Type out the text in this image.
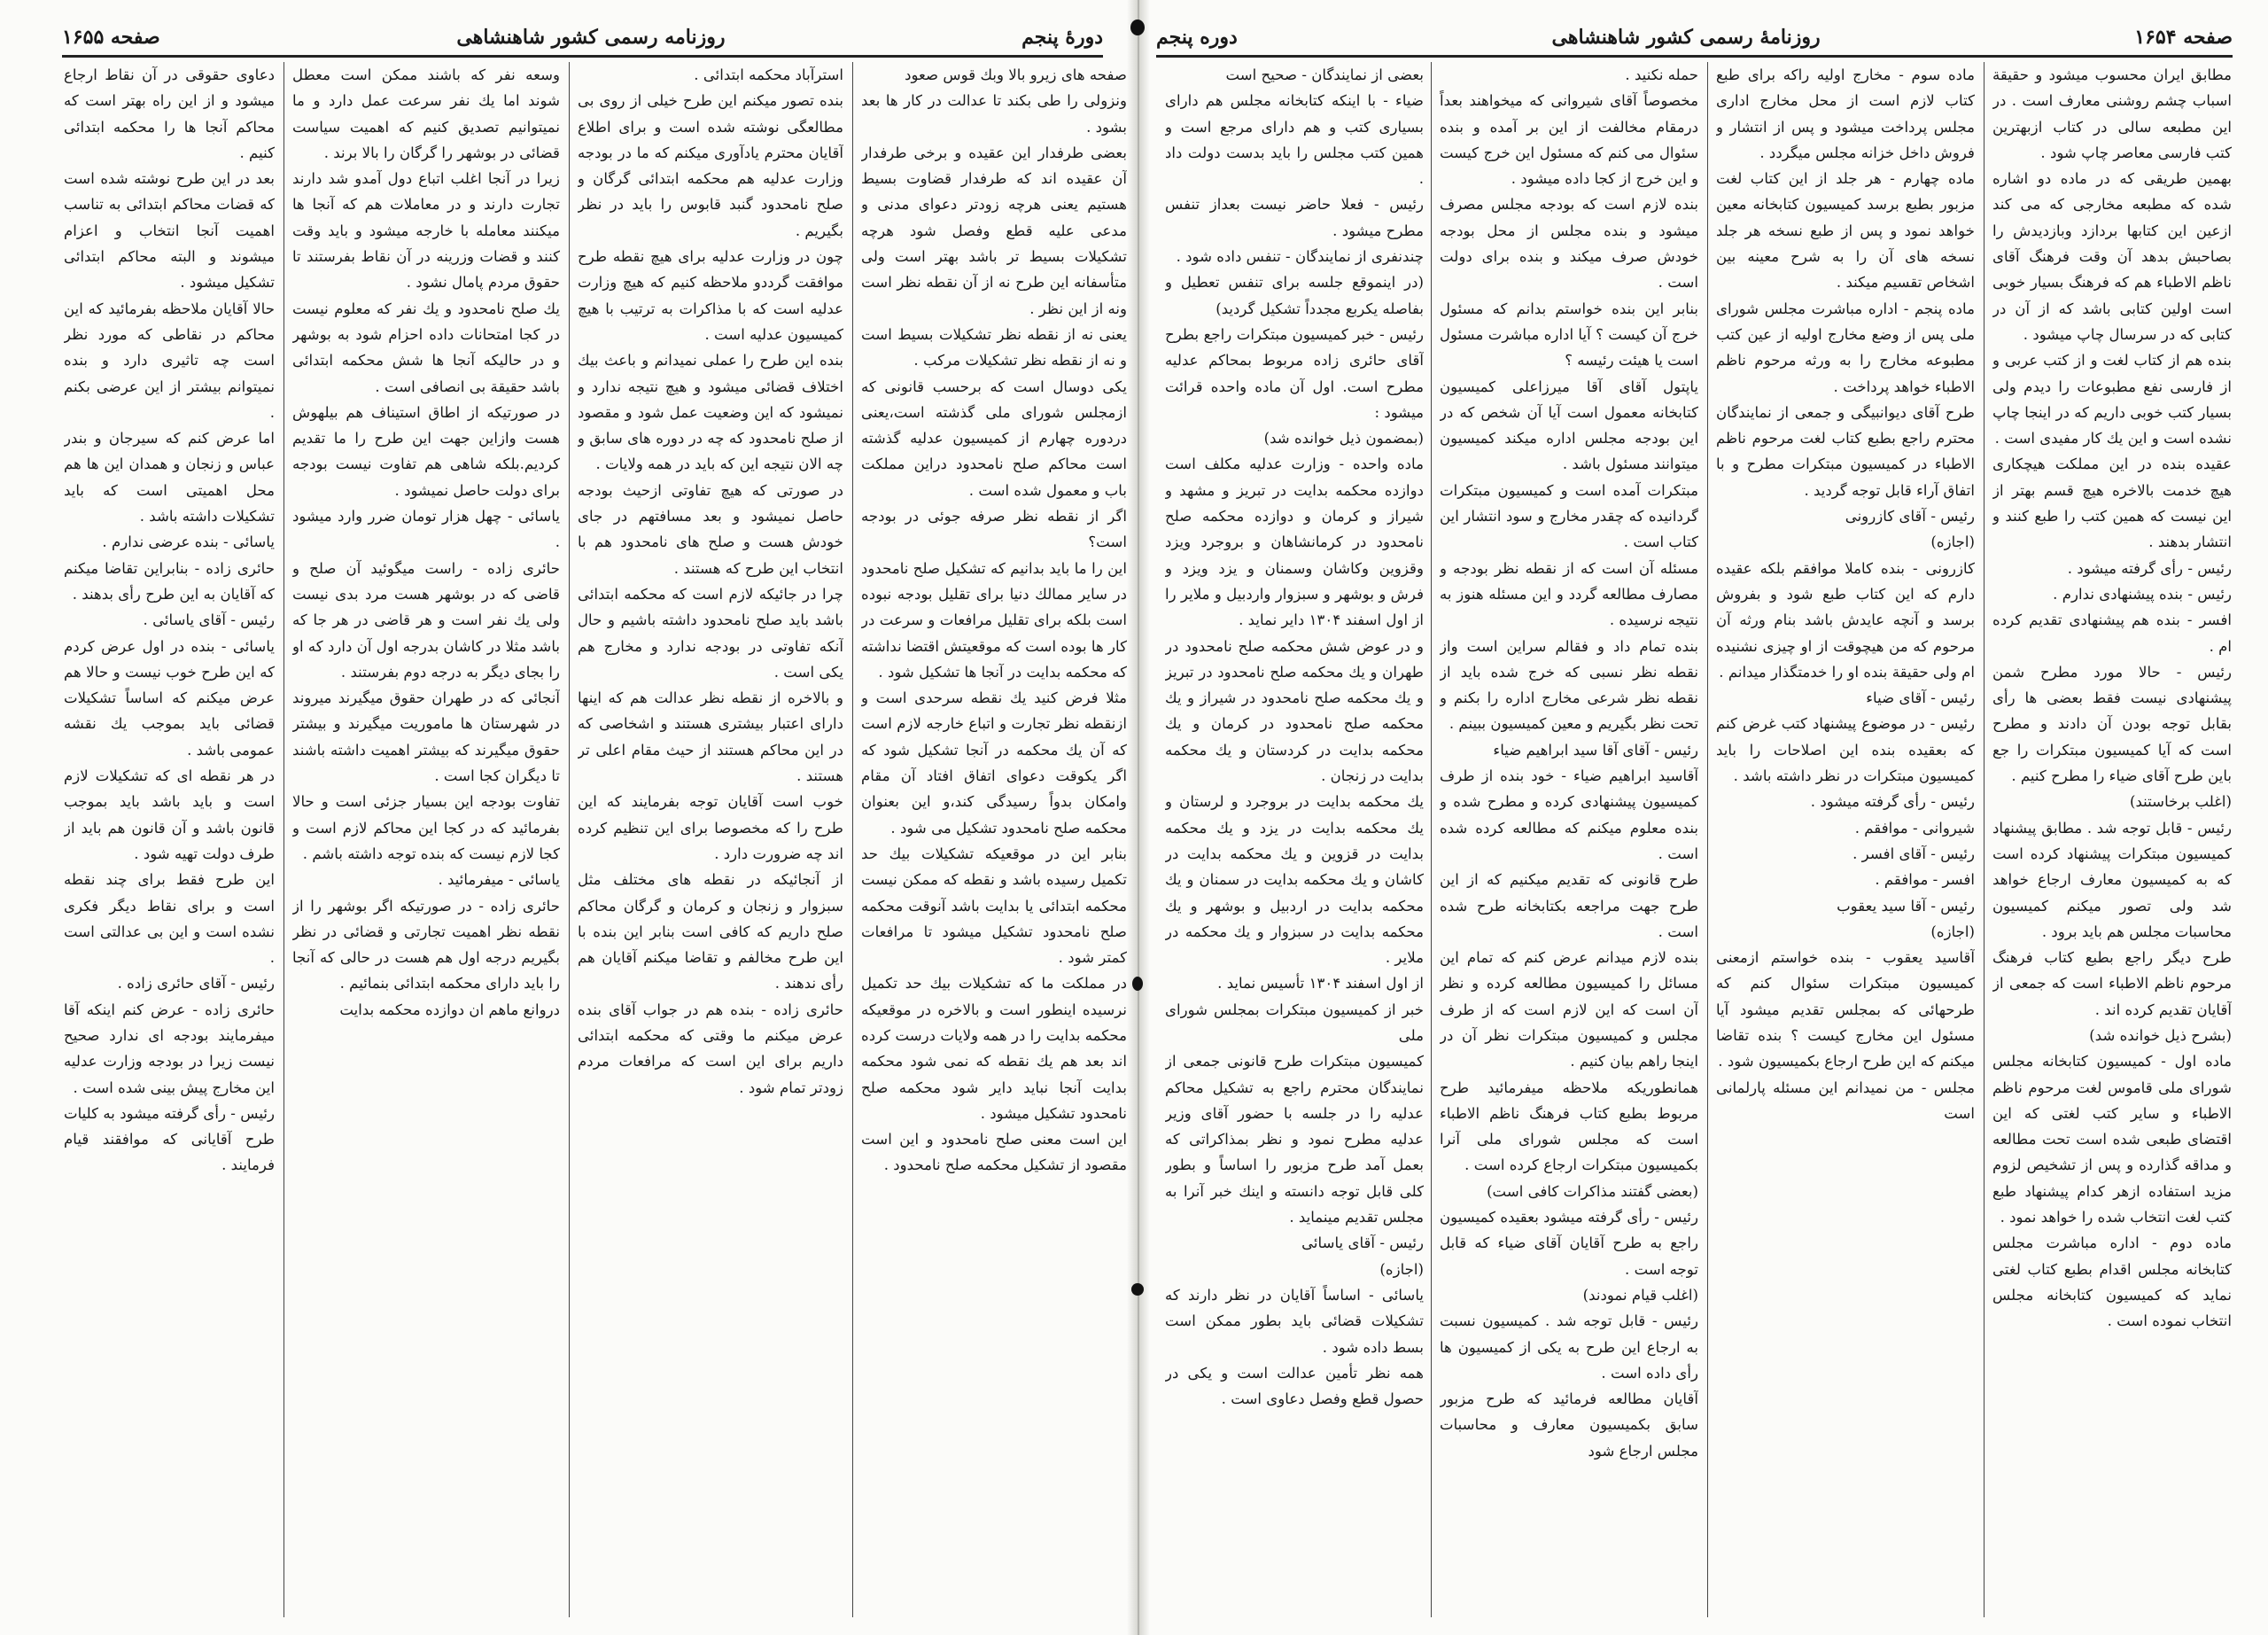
دورهٔ پنجم
روزنامه رسمی کشور شاهنشاهی
صفحه ۱۶۵۵

صفحه های زیرو بالا وبك قوس صعود

ونزولی را طی بکند تا عدالت در کار ها بعد بشود .

بعضی طرفدار این عقیده و برخی طرفدار آن عقیده اند که طرفدار قضاوت بسیط هستیم یعنی هرچه زودتر دعوای مدنی و مدعی علیه قطع وفصل شود هرچه تشکیلات بسیط تر باشد بهتر است ولی متأسفانه این طرح نه از آن نقطه نظر است ونه از این نظر .

یعنی نه از نقطه نظر تشکیلات بسیط است و نه از نقطه نظر تشکیلات مرکب .

یکی دوسال است که برحسب قانونی که ازمجلس شورای ملی گذشته است،یعنی دردوره چهارم از کمیسیون عدلیه گذشته است محاکم صلح نامحدود دراین مملکت باب و معمول شده است .

اگر از نقطه نظر صرفه جوئی در بودجه است؟

این را ما باید بدانیم که تشکیل صلح نامحدود در سایر ممالك دنیا برای تقلیل بودجه نبوده است بلکه برای تقلیل مرافعات و سرعت در کار ها بوده است که موقعیتش اقتضا نداشته که محکمه بدایت در آنجا ها تشکیل شود .

مثلا فرض کنید یك نقطه سرحدی است و ازنقطه نظر تجارت و اتباع خارجه لازم است که آن یك محکمه در آنجا تشکیل شود که اگر یکوقت دعوای اتفاق افتاد آن مقام وامکان بدواً رسیدگی کند،و این بعنوان محکمه صلح نامحدود تشکیل می شود .

بنابر این در موقعیکه تشکیلات بیك حد تکمیل رسیده باشد و نقطه که ممکن نیست محکمه ابتدائی یا بدایت باشد آنوقت محکمه صلح نامحدود تشکیل میشود تا مرافعات کمتر شود .

در مملکت ما که تشکیلات بیك حد تکمیل نرسیده اینطور است و بالاخره در موقعیکه محکمه بدایت را در همه ولایات درست کرده اند بعد هم یك نقطه که نمی شود محکمه بدایت آنجا نباید دایر شود محکمه صلح نامحدود تشکیل میشود .

این است معنی صلح نامحدود و این است مقصود از تشکیل محکمه صلح نامحدود .

استرآباد محکمه ابتدائی .

بنده تصور میکنم این طرح خیلی از روی بی مطالعگی نوشته شده است و برای اطلاع آقایان محترم یادآوری میکنم که ما در بودجه وزارت عدلیه هم محکمه ابتدائی گرگان و صلح نامحدود گنبد قابوس را باید در نظر بگیریم .

چون در وزارت عدلیه برای هیچ نقطه طرح موافقت گرددو ملاحظه کنیم که هیچ وزارت عدلیه است که با مذاکرات به ترتیب با هیچ کمیسیون عدلیه است .

بنده این طرح را عملی نمیدانم و باعث بیك اختلاف قضائی میشود و هیچ نتیجه ندارد و نمیشود که این وضعیت عمل شود و مقصود از صلح نامحدود که چه در دوره های سابق و چه الان نتیجه این که باید در همه ولایات .

در صورتی که هیچ تفاوتی ازحیث بودجه حاصل نمیشود و بعد مسافتهم در جای خودش هست و صلح های نامحدود هم با انتخاب این طرح که هستند .

چرا در جائیکه لازم است که محکمه ابتدائی باشد باید صلح نامحدود داشته باشیم و حال آنکه تفاوتی در بودجه ندارد و مخارج هم یکی است .

و بالاخره از نقطه نظر عدالت هم که اینها دارای اعتبار بیشتری هستند و اشخاصی که در این محاکم هستند از حیث مقام اعلی تر هستند .

خوب است آقایان توجه بفرمایند که این طرح را که مخصوصا برای این تنظیم کرده اند چه ضرورت دارد .

از آنجائیکه در نقطه های مختلف مثل سبزوار و زنجان و کرمان و گرگان محاکم صلح داریم که کافی است بنابر این بنده با این طرح مخالفم و تقاضا میکنم آقایان هم رأی ندهند .

حائری زاده - بنده هم در جواب آقای بنده عرض میکنم ما وقتی که محکمه ابتدائی داریم برای این است که مرافعات مردم زودتر تمام شود .

وسعه نفر که باشند ممکن است معطل شوند اما یك نفر سرعت عمل دارد و ما نمیتوانیم تصدیق کنیم که اهمیت سیاست قضائی در بوشهر را گرگان را بالا برند .

زیرا در آنجا اغلب اتباع دول آمدو شد دارند تجارت دارند و در معاملات هم که آنجا ها میکنند معامله با خارجه میشود و باید وقت کنند و قضات وزرینه در آن نقاط بفرستند تا حقوق مردم پامال نشود .

یك صلح نامحدود و یك نفر که معلوم نیست در کجا امتحانات داده احزام شود به بوشهر و در حالیکه آنجا ها شش محکمه ابتدائی باشد حقیقة بی انصافی است .

در صورتیکه از اطاق استیناف هم بیلهوش هست وازاین جهت این طرح را ما تقدیم کردیم.بلکه شاهی هم تفاوت نیست بودجه برای دولت حاصل نمیشود .

یاسائی - چهل هزار تومان ضرر وارد میشود .

حائری زاده - راست میگوئید آن صلح و قاضی که در بوشهر هست مرد بدی نیست ولی یك نفر است و هر قاضی در هر جا که باشد مثلا در کاشان بدرجه اول آن دارد که او را بجای دیگر به درجه دوم بفرستند .

آنجائی که در طهران حقوق میگیرند میروند در شهرستان ها ماموریت میگیرند و بیشتر حقوق میگیرند که بیشتر اهمیت داشته باشند تا دیگران کجا است .

تفاوت بودجه این بسیار جزئی است و حالا بفرمائید که در کجا این محاکم لازم است و کجا لازم نیست که بنده توجه داشته باشم .

یاسائی - میفرمائید .

حائری زاده - در صورتیکه اگر بوشهر را از نقطه نظر اهمیت تجارتی و قضائی در نظر بگیریم درجه اول هم هست در حالی که آنجا را باید دارای محکمه ابتدائی بنمائیم .

دروانع ماهم ان دوازده محکمه بدایت

دعاوی حقوقی در آن نقاط ارجاع میشود و از این راه بهتر است که محاکم آنجا ها را محکمه ابتدائی کنیم .

بعد در این طرح نوشته شده است که قضات محاکم ابتدائی به تناسب اهمیت آنجا انتخاب و اعزام میشوند و البته محاکم ابتدائی تشکیل میشود .

حالا آقایان ملاحظه بفرمائید که این محاکم در نقاطی که مورد نظر است چه تاثیری دارد و بنده نمیتوانم بیشتر از این عرضی بکنم .

اما عرض کنم که سیرجان و بندر عباس و زنجان و همدان این ها هم محل اهمیتی است که باید تشکیلات داشته باشد .

یاسائی - بنده عرضی ندارم .

حائری زاده - بنابراین تقاضا میکنم که آقایان به این طرح رأی بدهند .

رئیس - آقای یاسائی .

یاسائی - بنده در اول عرض کردم که این طرح خوب نیست و حالا هم عرض میکنم که اساساً تشکیلات قضائی باید بموجب یك نقشه عمومی باشد .

در هر نقطه ای که تشکیلات لازم است و باید باشد باید بموجب قانون باشد و آن قانون هم باید از طرف دولت تهیه شود .

این طرح فقط برای چند نقطه است و برای نقاط دیگر فکری نشده است و این بی عدالتی است .

رئیس - آقای حائری زاده .

حائری زاده - عرض کنم اینکه آقا میفرمایند بودجه ای ندارد صحیح نیست زیرا در بودجه وزارت عدلیه این مخارج پیش بینی شده است .

رئیس - رأی گرفته میشود به کلیات طرح آقایانی که موافقند قیام فرمایند .

صفحه ۱۶۵۴
روزنامهٔ رسمی کشور شاهنشاهی
دوره پنجم

بعضی از نمایندگان - صحیح است

ضیاء - با اینکه کتابخانه مجلس هم دارای بسیاری کتب و هم دارای مرجع است و همین کتب مجلس را باید بدست دولت داد .

رئیس - فعلا حاضر نیست بعداز تنفس مطرح میشود .

چندنفری از نمایندگان - تنفس داده شود .

(در اینموقع جلسه برای تنفس تعطیل و بفاصله یکربع مجدداً تشکیل گردید)

رئیس - خبر کمیسیون مبتکرات راجع بطرح آقای حائری زاده مربوط بمحاکم عدلیه مطرح است. اول آن ماده واحده قرائت میشود :

(بمضمون ذیل خوانده شد)

ماده واحده - وزارت عدلیه مکلف است دوازده محکمه بدایت در تبریز و مشهد و شیراز و کرمان و دوازده محکمه صلح نامحدود در کرمانشاهان و بروجرد ویزد وقزوین وکاشان وسمنان و یزد ویزد و فرش و بوشهر و سبزوار واردبیل و ملایر را از اول اسفند ۱۳۰۴ دایر نماید .

و در عوض شش محکمه صلح نامحدود در طهران و یك محکمه صلح نامحدود در تبریز و یك محکمه صلح نامحدود در شیراز و یك محکمه صلح نامحدود در کرمان و یك محکمه بدایت در کردستان و یك محکمه بدایت در زنجان .

یك محکمه بدایت در بروجرد و لرستان و یك محکمه بدایت در یزد و یك محکمه بدایت در قزوین و یك محکمه بدایت در کاشان و یك محکمه بدایت در سمنان و یك محکمه بدایت در اردبیل و بوشهر و یك محکمه بدایت در سبزوار و یك محکمه در ملایر .

از اول اسفند ۱۳۰۴ تأسیس نماید .

خبر از کمیسیون مبتکرات بمجلس شورای ملی

کمیسیون مبتکرات طرح قانونی جمعی از نمایندگان محترم راجع به تشکیل محاکم عدلیه را در جلسه با حضور آقای وزیر عدلیه مطرح نمود و نظر بمذاکراتی که بعمل آمد طرح مزبور را اساساً و بطور کلی قابل توجه دانسته و اینك خبر آنرا به مجلس تقدیم مینماید .

رئیس - آقای یاسائی

(اجازه)

یاسائی - اساساً آقایان در نظر دارند که تشکیلات قضائی باید بطور ممکن است بسط داده شود .

همه نظر تأمین عدالت است و یکی در حصول قطع وفصل دعاوی است .

حمله نکنید .

مخصوصاً آقای شیروانی که میخواهند بعداً درمقام مخالفت از این بر آمده و بنده سئوال می کنم که مسئول این خرج کیست و این خرج از کجا داده میشود .

بنده لازم است که بودجه مجلس مصرف میشود و بنده مجلس از محل بودجه خودش صرف میکند و بنده برای دولت است .

بنابر این بنده خواستم بدانم که مسئول خرج آن کیست ؟ آیا اداره مباشرت مسئول است یا هیئت رئیسه ؟

یاپتول آقای آقا میرزاعلی کمیسیون کتابخانه معمول است آیا آن شخص که در این بودجه مجلس اداره میکند کمیسیون میتوانند مسئول باشد .

مبتکرات آمده است و کمیسیون مبتکرات گردانیده که چقدر مخارج و سود انتشار این کتاب است .

مسئله آن است که از نقطه نظر بودجه و مصارف مطالعه گردد و این مسئله هنوز به نتیجه نرسیده .

بنده تمام داد و فقالم سراین است واز نقطه نظر نسبی که خرج شده باید از نقطه نظر شرعی مخارج اداره را بکنم و تحت نظر بگیریم و معین کمیسیون ببینم .

رئیس - آقای آقا سید ابراهیم ضیاء

آقاسید ابراهیم ضیاء - خود بنده از طرف کمیسیون پیشنهادی کرده و مطرح شده و بنده معلوم میکنم که مطالعه کرده شده است .

طرح قانونی که تقدیم میکنیم که از این طرح جهت مراجعه بکتابخانه طرح شده است .

بنده لازم میدانم عرض کنم که تمام این مسائل را کمیسیون مطالعه کرده و نظر آن است که این لازم است که از طرف مجلس و کمیسیون مبتکرات نظر آن در اینجا راهم بیان کنیم .

همانطوریکه ملاحظه میفرمائید طرح مربوط بطبع کتاب فرهنگ ناظم الاطباء است که مجلس شورای ملی آنرا بکمیسیون مبتکرات ارجاع کرده است .

(بعضی گفتند مذاکرات کافی است)

رئیس - رأی گرفته میشود بعقیده کمیسیون راجع به طرح آقایان آقای ضیاء که قابل توجه است .

(اغلب قیام نمودند)

رئیس - قابل توجه شد . کمیسیون نسبت به ارجاع این طرح به یکی از کمیسیون ها رأی داده است .

آقایان مطالعه فرمائید که طرح مزبور سابق بکمیسیون معارف و محاسبات مجلس ارجاع شود

ماده سوم - مخارج اولیه راکه برای طبع کتاب لازم است از محل مخارج اداری مجلس پرداخت میشود و پس از انتشار و فروش داخل خزانه مجلس میگردد .

ماده چهارم - هر جلد از این کتاب لغت مزبور بطبع برسد کمیسیون کتابخانه معین خواهد نمود و پس از طبع نسخه هر جلد نسخه های آن را به شرح معینه بین اشخاص تقسیم میکند .

ماده پنجم - اداره مباشرت مجلس شورای ملی پس از وضع مخارج اولیه از عین کتب مطبوعه مخارج را به ورثه مرحوم ناظم الاطباء خواهد پرداخت .

طرح آقای دیوانبیگی و جمعی از نمایندگان محترم راجع بطبع کتاب لغت مرحوم ناظم الاطباء در کمیسیون مبتکرات مطرح و با اتفاق آراء قابل توجه گردید .

رئیس - آقای کازرونی

(اجازه)

کازرونی - بنده کاملا موافقم بلکه عقیده دارم که این کتاب طبع شود و بفروش برسد و آنچه عایدش باشد بنام ورثه آن مرحوم که من هیچوقت از او چیزی نشنیده ام ولی حقیقة بنده او را خدمتگذار میدانم .

رئیس - آقای ضیاء

رئیس - در موضوع پیشنهاد کتب غرض کنم که بعقیده بنده این اصلاحات را باید کمیسیون مبتکرات در نظر داشته باشد .

رئیس - رأی گرفته میشود .

شیروانی - موافقم .

رئیس - آقای افسر .

افسر - موافقم .

رئیس - آقا سید یعقوب

(اجازه)

آقاسید یعقوب - بنده خواستم ازمعنی کمیسیون مبتکرات سئوال کنم که طرحهائی که بمجلس تقدیم میشود آیا مسئول این مخارج کیست ؟ بنده تقاضا میکنم که این طرح ارجاع بکمیسیون شود .

مجلس - من نمیدانم این مسئله پارلمانی است

مطابق ایران محسوب میشود و حقیقة اسباب چشم روشنی معارف است . در این مطبعه سالی در کتاب ازبهترین کتب فارسی معاصر چاپ شود .

بهمین طریقی که در ماده دو اشاره شده که مطبعه مخارجی که می کند ازعین این کتابها بردازد وبازدیدش را بصاحبش بدهد آن وقت فرهنگ آقای ناظم الاطباء هم که فرهنگ بسیار خوبی است اولین کتابی باشد که از آن در کتابی که در سرسال چاپ میشود .

بنده هم از کتاب لغت و از کتب عربی و از فارسی نفع مطبوعات را دیدم ولی بسیار کتب خوبی داریم که در اینجا چاپ نشده است و این یك کار مفیدی است .

عقیده بنده در این مملکت هیچکاری هیچ خدمت بالاخره هیچ قسم بهتر از این نیست که همین کتب را طبع کنند و انتشار بدهند .

رئیس - رأی گرفته میشود .

رئیس - بنده پیشنهادی ندارم .

افسر - بنده هم پیشنهادی تقدیم کرده ام .

رئیس - حالا مورد مطرح شمن پیشنهادی نیست فقط بعضی ها رأی بقابل توجه بودن آن دادند و مطرح است که آیا کمیسیون مبتکرات را جع باین طرح آقای ضیاء را مطرح کنیم .

(اغلب برخاستند)

رئیس - قابل توجه شد . مطابق پیشنهاد کمیسیون مبتکرات پیشنهاد کرده است که به کمیسیون معارف ارجاع خواهد شد ولی تصور میکنم کمیسیون محاسبات مجلس هم باید برود .

طرح دیگر راجع بطبع کتاب فرهنگ مرحوم ناظم الاطباء است که جمعی از آقایان تقدیم کرده اند .

(بشرح ذیل خوانده شد)

ماده اول - کمیسیون کتابخانه مجلس شورای ملی قاموس لغت مرحوم ناظم الاطباء و سایر کتب لغتی که این اقتضای طبعی شده است تحت مطالعه و مداقه گذارده و پس از تشخیص لزوم مزید استفاده ازهر کدام پیشنهاد طبع کتب لغت انتخاب شده را خواهد نمود .

ماده دوم - اداره مباشرت مجلس کتابخانه مجلس اقدام بطبع کتاب لغتی نماید که کمیسیون کتابخانه مجلس انتخاب نموده است .
